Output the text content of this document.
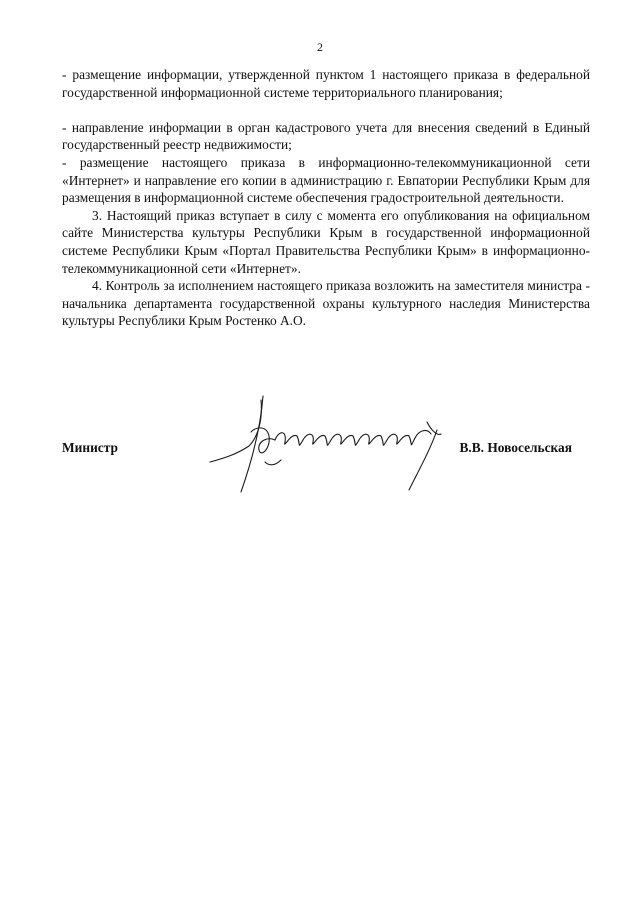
2

- размещение информации, утвержденной пунктом 1 настоящего приказа в федеральной государственной информационной системе территориального планирования;

- направление информации в орган кадастрового учета для внесения сведений в Единый государственный реестр недвижимости;

- размещение настоящего приказа в информационно-телекоммуникационной сети «Интернет» и направление его копии в администрацию г. Евпатории Республики Крым для размещения в информационной системе обеспечения градостроительной деятельности.

3. Настоящий приказ вступает в силу с момента его опубликования на официальном сайте Министерства культуры Республики Крым в государственной информационной системе Республики Крым «Портал Правительства Республики Крым» в информационно-телекоммуникационной сети «Интернет».

4. Контроль за исполнением настоящего приказа возложить на заместителя министра - начальника департамента государственной охраны культурного наследия Министерства культуры Республики Крым Ростенко А.О.

Министр	В.В. Новосельская
